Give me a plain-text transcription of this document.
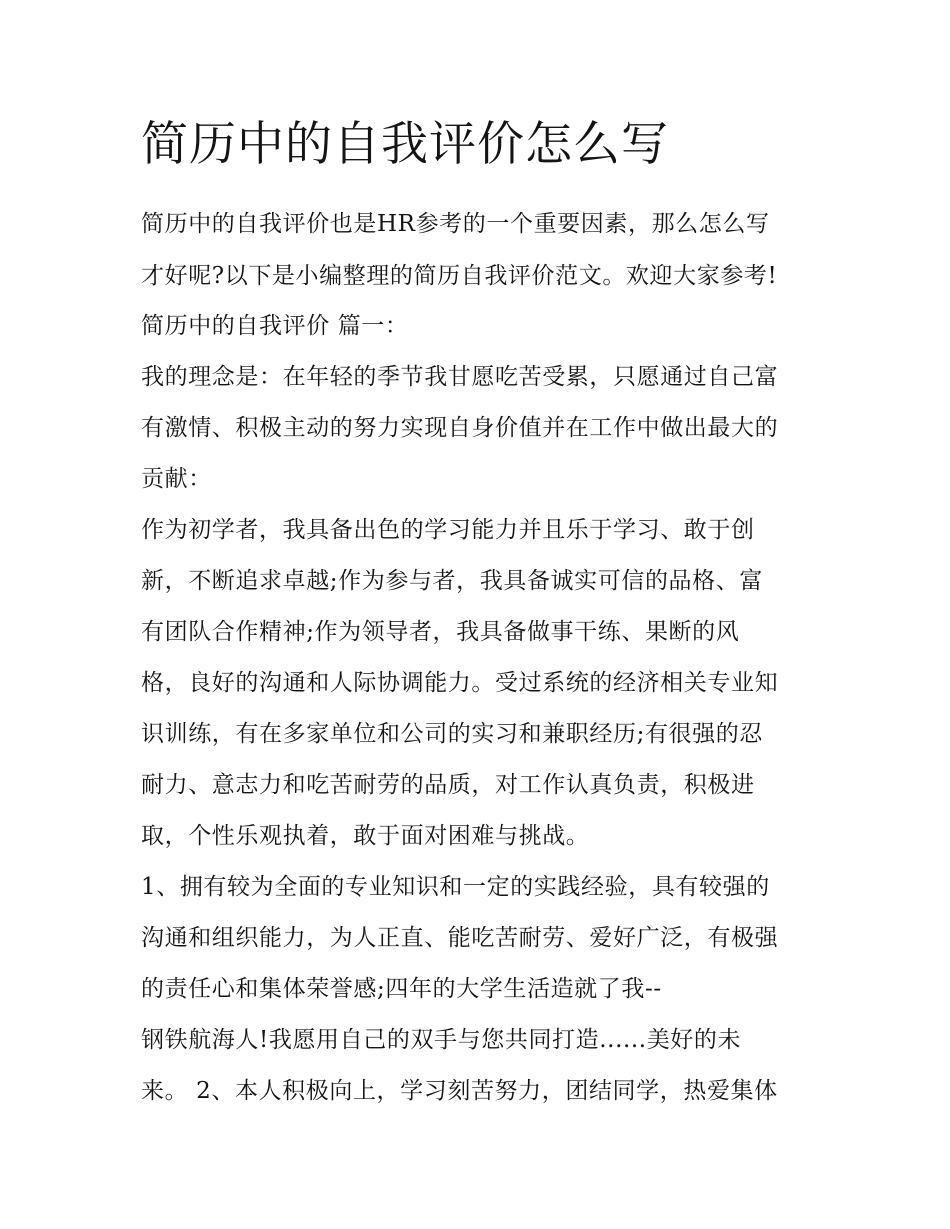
简历中的自我评价怎么写
简历中的自我评价也是HR参考的一个重要因素，那么怎么写
才好呢?以下是小编整理的简历自我评价范文。欢迎大家参考!
简历中的自我评价 篇一：
我的理念是：在年轻的季节我甘愿吃苦受累，只愿通过自己富
有激情、积极主动的努力实现自身价值并在工作中做出最大的
贡献：
作为初学者，我具备出色的学习能力并且乐于学习、敢于创
新，不断追求卓越;作为参与者，我具备诚实可信的品格、富
有团队合作精神;作为领导者，我具备做事干练、果断的风
格，良好的沟通和人际协调能力。受过系统的经济相关专业知
识训练，有在多家单位和公司的实习和兼职经历;有很强的忍
耐力、意志力和吃苦耐劳的品质，对工作认真负责，积极进
取，个性乐观执着，敢于面对困难与挑战。
1、拥有较为全面的专业知识和一定的实践经验，具有较强的
沟通和组织能力，为人正直、能吃苦耐劳、爱好广泛，有极强
的责任心和集体荣誉感;四年的大学生活造就了我--
钢铁航海人!我愿用自己的双手与您共同打造......美好的未
来。 2、本人积极向上，学习刻苦努力，团结同学，热爱集体
